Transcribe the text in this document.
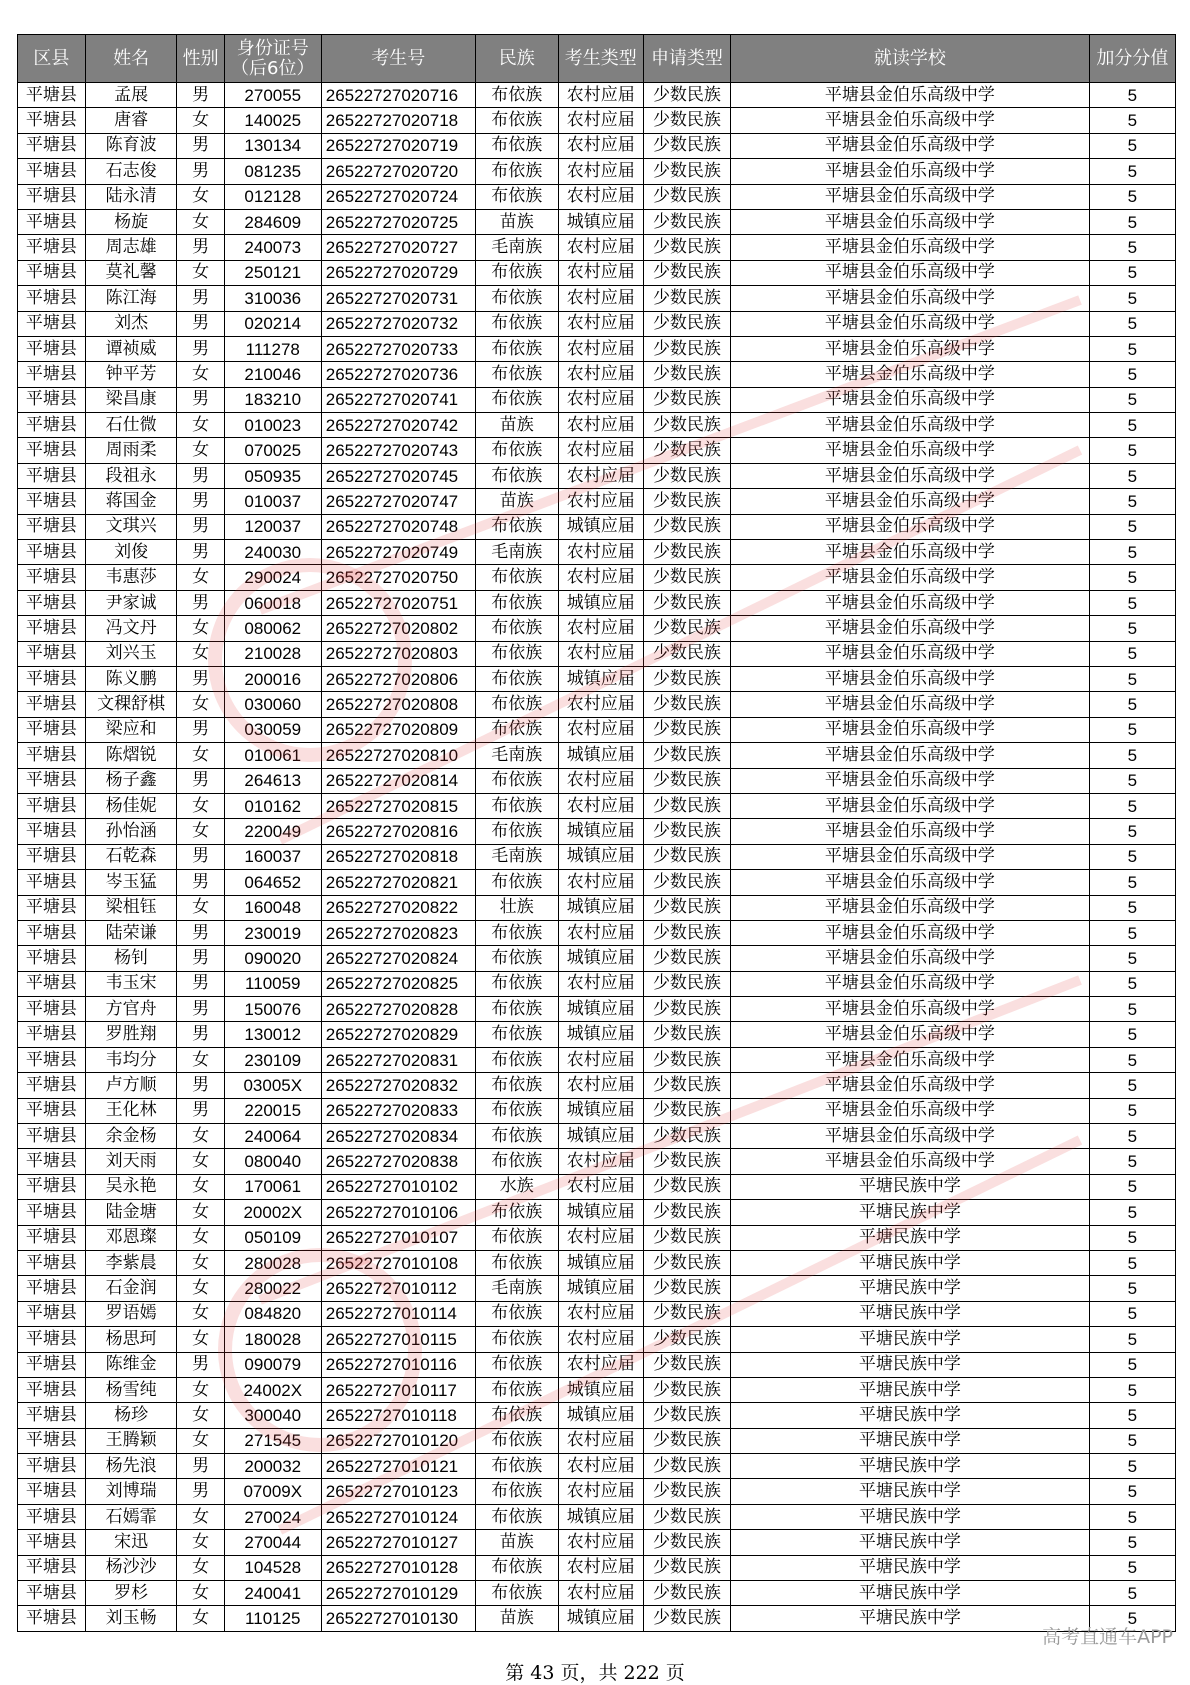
区县	姓名	性别	身份证号
（后6位）	考生号	民族	考生类型	申请类型	就读学校	加分分值
平塘县	孟展	男	270055	26522727020716	布依族	农村应届	少数民族	平塘县金伯乐高级中学	5
平塘县	唐睿	女	140025	26522727020718	布依族	农村应届	少数民族	平塘县金伯乐高级中学	5
平塘县	陈育波	男	130134	26522727020719	布依族	农村应届	少数民族	平塘县金伯乐高级中学	5
平塘县	石志俊	男	081235	26522727020720	布依族	农村应届	少数民族	平塘县金伯乐高级中学	5
平塘县	陆永清	女	012128	26522727020724	布依族	农村应届	少数民族	平塘县金伯乐高级中学	5
平塘县	杨旋	女	284609	26522727020725	苗族	城镇应届	少数民族	平塘县金伯乐高级中学	5
平塘县	周志雄	男	240073	26522727020727	毛南族	农村应届	少数民族	平塘县金伯乐高级中学	5
平塘县	莫礼馨	女	250121	26522727020729	布依族	农村应届	少数民族	平塘县金伯乐高级中学	5
平塘县	陈江海	男	310036	26522727020731	布依族	农村应届	少数民族	平塘县金伯乐高级中学	5
平塘县	刘杰	男	020214	26522727020732	布依族	农村应届	少数民族	平塘县金伯乐高级中学	5
平塘县	谭祯威	男	111278	26522727020733	布依族	农村应届	少数民族	平塘县金伯乐高级中学	5
平塘县	钟平芳	女	210046	26522727020736	布依族	农村应届	少数民族	平塘县金伯乐高级中学	5
平塘县	梁昌康	男	183210	26522727020741	布依族	农村应届	少数民族	平塘县金伯乐高级中学	5
平塘县	石仕微	女	010023	26522727020742	苗族	农村应届	少数民族	平塘县金伯乐高级中学	5
平塘县	周雨柔	女	070025	26522727020743	布依族	农村应届	少数民族	平塘县金伯乐高级中学	5
平塘县	段祖永	男	050935	26522727020745	布依族	农村应届	少数民族	平塘县金伯乐高级中学	5
平塘县	蒋国金	男	010037	26522727020747	苗族	农村应届	少数民族	平塘县金伯乐高级中学	5
平塘县	文琪兴	男	120037	26522727020748	布依族	城镇应届	少数民族	平塘县金伯乐高级中学	5
平塘县	刘俊	男	240030	26522727020749	毛南族	农村应届	少数民族	平塘县金伯乐高级中学	5
平塘县	韦惠莎	女	290024	26522727020750	布依族	农村应届	少数民族	平塘县金伯乐高级中学	5
平塘县	尹家诚	男	060018	26522727020751	布依族	城镇应届	少数民族	平塘县金伯乐高级中学	5
平塘县	冯文丹	女	080062	26522727020802	布依族	农村应届	少数民族	平塘县金伯乐高级中学	5
平塘县	刘兴玉	女	210028	26522727020803	布依族	农村应届	少数民族	平塘县金伯乐高级中学	5
平塘县	陈义鹏	男	200016	26522727020806	布依族	城镇应届	少数民族	平塘县金伯乐高级中学	5
平塘县	文稞舒棋	女	030060	26522727020808	布依族	农村应届	少数民族	平塘县金伯乐高级中学	5
平塘县	梁应和	男	030059	26522727020809	布依族	农村应届	少数民族	平塘县金伯乐高级中学	5
平塘县	陈熠锐	女	010061	26522727020810	毛南族	城镇应届	少数民族	平塘县金伯乐高级中学	5
平塘县	杨子鑫	男	264613	26522727020814	布依族	农村应届	少数民族	平塘县金伯乐高级中学	5
平塘县	杨佳妮	女	010162	26522727020815	布依族	农村应届	少数民族	平塘县金伯乐高级中学	5
平塘县	孙怡涵	女	220049	26522727020816	布依族	城镇应届	少数民族	平塘县金伯乐高级中学	5
平塘县	石乾森	男	160037	26522727020818	毛南族	城镇应届	少数民族	平塘县金伯乐高级中学	5
平塘县	岑玉猛	男	064652	26522727020821	布依族	农村应届	少数民族	平塘县金伯乐高级中学	5
平塘县	梁柤钰	女	160048	26522727020822	壮族	城镇应届	少数民族	平塘县金伯乐高级中学	5
平塘县	陆荣谦	男	230019	26522727020823	布依族	农村应届	少数民族	平塘县金伯乐高级中学	5
平塘县	杨钊	男	090020	26522727020824	布依族	城镇应届	少数民族	平塘县金伯乐高级中学	5
平塘县	韦玉宋	男	110059	26522727020825	布依族	农村应届	少数民族	平塘县金伯乐高级中学	5
平塘县	方官舟	男	150076	26522727020828	布依族	城镇应届	少数民族	平塘县金伯乐高级中学	5
平塘县	罗胜翔	男	130012	26522727020829	布依族	城镇应届	少数民族	平塘县金伯乐高级中学	5
平塘县	韦均分	女	230109	26522727020831	布依族	农村应届	少数民族	平塘县金伯乐高级中学	5
平塘县	卢方顺	男	03005X	26522727020832	布依族	农村应届	少数民族	平塘县金伯乐高级中学	5
平塘县	王化林	男	220015	26522727020833	布依族	城镇应届	少数民族	平塘县金伯乐高级中学	5
平塘县	余金杨	女	240064	26522727020834	布依族	城镇应届	少数民族	平塘县金伯乐高级中学	5
平塘县	刘天雨	女	080040	26522727020838	布依族	农村应届	少数民族	平塘县金伯乐高级中学	5
平塘县	吴永艳	女	170061	26522727010102	水族	农村应届	少数民族	平塘民族中学	5
平塘县	陆金塘	女	20002X	26522727010106	布依族	城镇应届	少数民族	平塘民族中学	5
平塘县	邓恩璨	女	050109	26522727010107	布依族	农村应届	少数民族	平塘民族中学	5
平塘县	李紫晨	女	280028	26522727010108	布依族	城镇应届	少数民族	平塘民族中学	5
平塘县	石金润	女	280022	26522727010112	毛南族	城镇应届	少数民族	平塘民族中学	5
平塘县	罗语嫣	女	084820	26522727010114	布依族	农村应届	少数民族	平塘民族中学	5
平塘县	杨思珂	女	180028	26522727010115	布依族	农村应届	少数民族	平塘民族中学	5
平塘县	陈维金	男	090079	26522727010116	布依族	农村应届	少数民族	平塘民族中学	5
平塘县	杨雪纯	女	24002X	26522727010117	布依族	城镇应届	少数民族	平塘民族中学	5
平塘县	杨珍	女	300040	26522727010118	布依族	城镇应届	少数民族	平塘民族中学	5
平塘县	王腾颖	女	271545	26522727010120	布依族	农村应届	少数民族	平塘民族中学	5
平塘县	杨先浪	男	200032	26522727010121	布依族	农村应届	少数民族	平塘民族中学	5
平塘县	刘博瑞	男	07009X	26522727010123	布依族	农村应届	少数民族	平塘民族中学	5
平塘县	石嫣霏	女	270024	26522727010124	布依族	城镇应届	少数民族	平塘民族中学	5
平塘县	宋迅	女	270044	26522727010127	苗族	农村应届	少数民族	平塘民族中学	5
平塘县	杨沙沙	女	104528	26522727010128	布依族	农村应届	少数民族	平塘民族中学	5
平塘县	罗杉	女	240041	26522727010129	布依族	农村应届	少数民族	平塘民族中学	5
平塘县	刘玉畅	女	110125	26522727010130	苗族	城镇应届	少数民族	平塘民族中学	5
高考直通车APP
第 43 页，共 222 页
